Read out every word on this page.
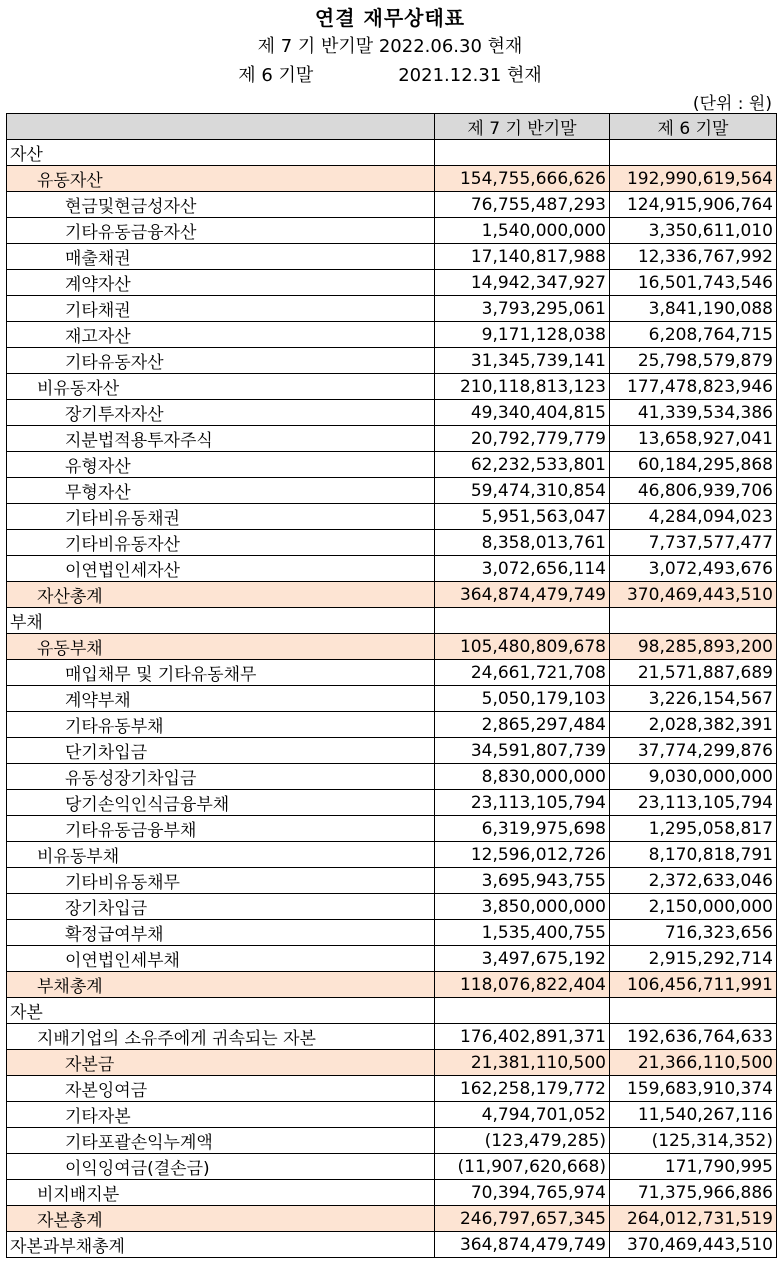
연결 재무상태표
제 7 기 반기말 2022.06.30 현재
제 6 기말	2021.12.31 현재
(단위 : 원)
	제 7 기 반기말	제 6 기말
자산		
유동자산	154,755,666,626	192,990,619,564
현금및현금성자산	76,755,487,293	124,915,906,764
기타유동금융자산	1,540,000,000	3,350,611,010
매출채권	17,140,817,988	12,336,767,992
계약자산	14,942,347,927	16,501,743,546
기타채권	3,793,295,061	3,841,190,088
재고자산	9,171,128,038	6,208,764,715
기타유동자산	31,345,739,141	25,798,579,879
비유동자산	210,118,813,123	177,478,823,946
장기투자자산	49,340,404,815	41,339,534,386
지분법적용투자주식	20,792,779,779	13,658,927,041
유형자산	62,232,533,801	60,184,295,868
무형자산	59,474,310,854	46,806,939,706
기타비유동채권	5,951,563,047	4,284,094,023
기타비유동자산	8,358,013,761	7,737,577,477
이연법인세자산	3,072,656,114	3,072,493,676
자산총계	364,874,479,749	370,469,443,510
부채		
유동부채	105,480,809,678	98,285,893,200
매입채무 및 기타유동채무	24,661,721,708	21,571,887,689
계약부채	5,050,179,103	3,226,154,567
기타유동부채	2,865,297,484	2,028,382,391
단기차입금	34,591,807,739	37,774,299,876
유동성장기차입금	8,830,000,000	9,030,000,000
당기손익인식금융부채	23,113,105,794	23,113,105,794
기타유동금융부채	6,319,975,698	1,295,058,817
비유동부채	12,596,012,726	8,170,818,791
기타비유동채무	3,695,943,755	2,372,633,046
장기차입금	3,850,000,000	2,150,000,000
확정급여부채	1,535,400,755	716,323,656
이연법인세부채	3,497,675,192	2,915,292,714
부채총계	118,076,822,404	106,456,711,991
자본		
지배기업의 소유주에게 귀속되는 자본	176,402,891,371	192,636,764,633
자본금	21,381,110,500	21,366,110,500
자본잉여금	162,258,179,772	159,683,910,374
기타자본	4,794,701,052	11,540,267,116
기타포괄손익누계액	(123,479,285)	(125,314,352)
이익잉여금(결손금)	(11,907,620,668)	171,790,995
비지배지분	70,394,765,974	71,375,966,886
자본총계	246,797,657,345	264,012,731,519
자본과부채총계	364,874,479,749	370,469,443,510
